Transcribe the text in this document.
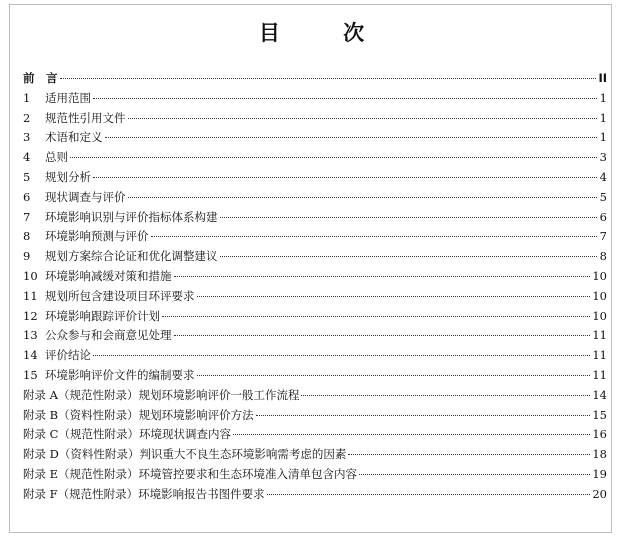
目 次
前	言	II
1	适用范围	1
2	规范性引用文件	1
3	术语和定义	1
4	总则	3
5	规划分析	4
6	现状调查与评价	5
7	环境影响识别与评价指标体系构建	6
8	环境影响预测与评价	7
9	规划方案综合论证和优化调整建议	8
10 环境影响减缓对策和措施	10
11 规划所包含建设项目环评要求	10
12 环境影响跟踪评价计划	10
13 公众参与和会商意见处理	11
14 评价结论	11
15 环境影响评价文件的编制要求	11
附录 A（规范性附录）规划环境影响评价一般工作流程	14
附录 B（资料性附录）规划环境影响评价方法	15
附录 C（规范性附录）环境现状调查内容	16
附录 D（资料性附录）判识重大不良生态环境影响需考虑的因素	18
附录 E（规范性附录）环境管控要求和生态环境准入清单包含内容	19
附录 F（规范性附录）环境影响报告书图件要求	20
